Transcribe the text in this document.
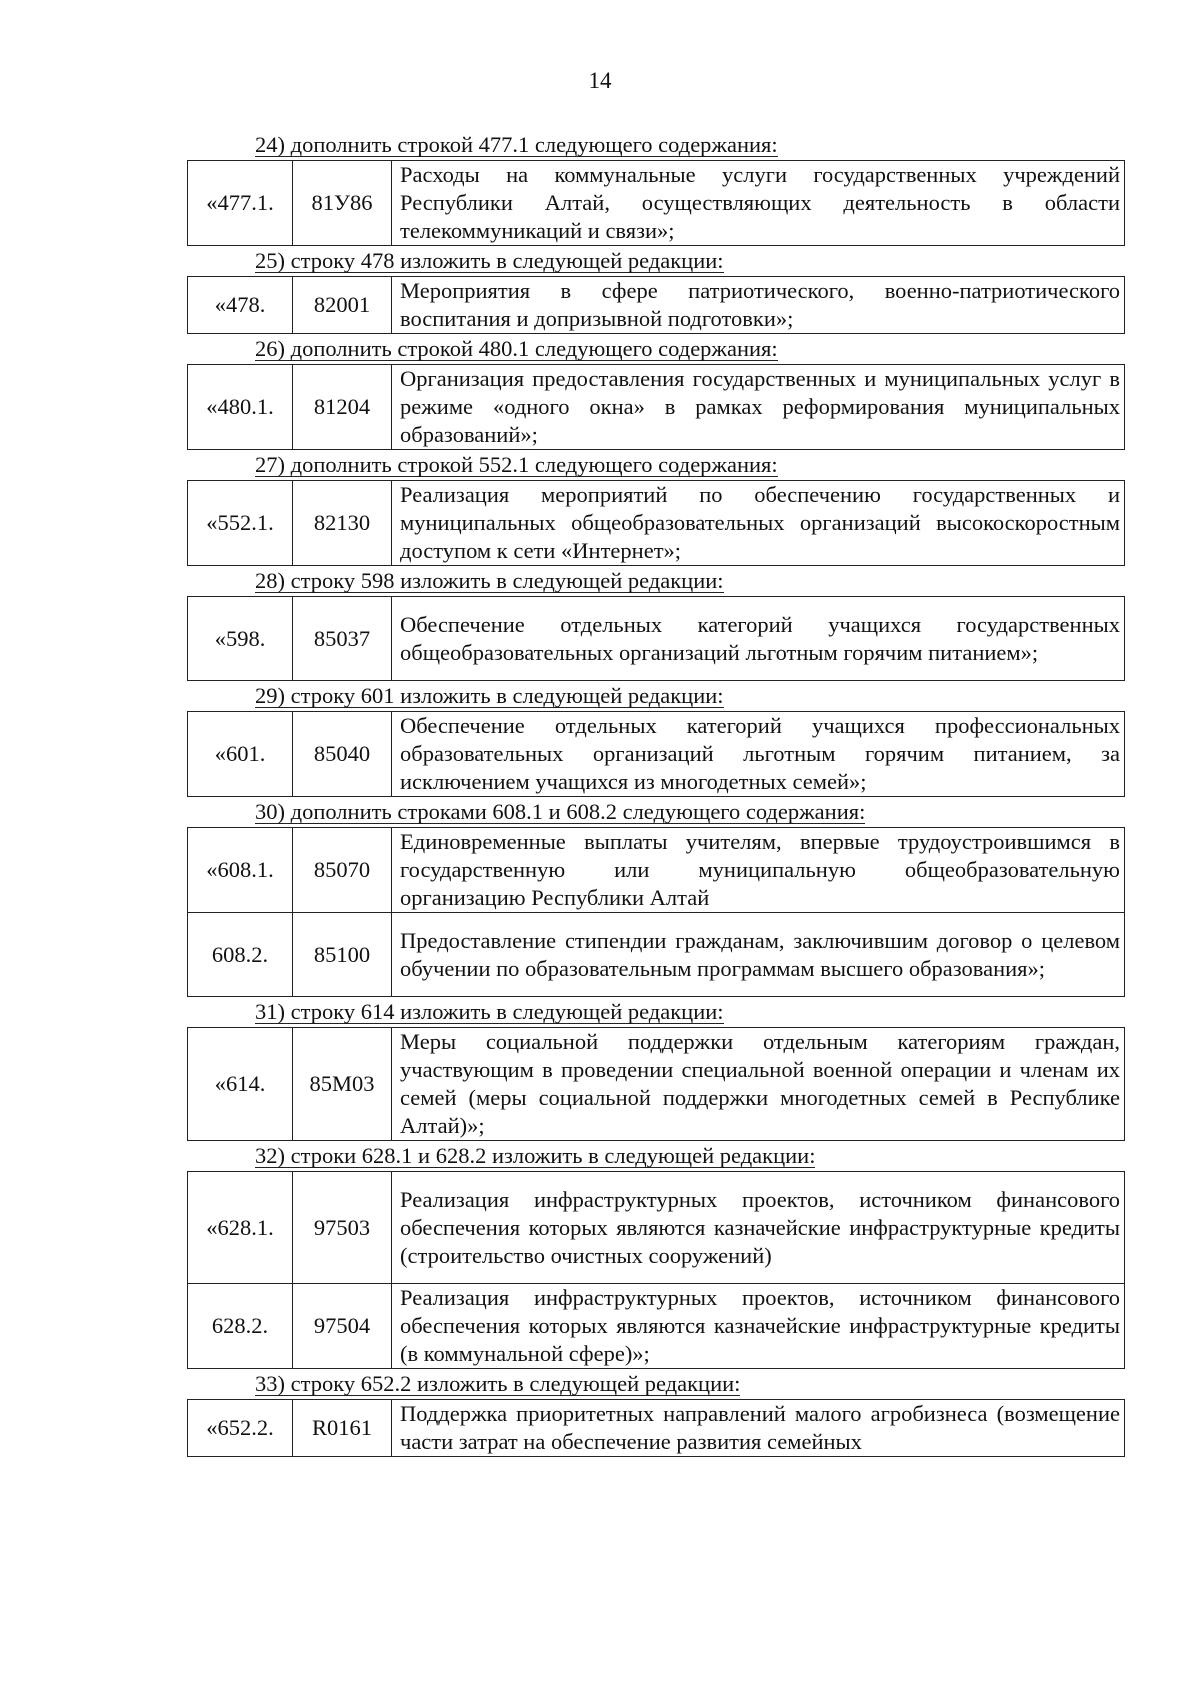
14
24) дополнить строкой 477.1 следующего содержания:
«477.1.	81У86	Расходы на коммунальные услуги государственных учреждений Республики Алтай, осуществляющих деятельность в области телекоммуникаций и связи»;
25) строку 478 изложить в следующей редакции:
«478.	82001	Мероприятия в сфере патриотического, военно-патриотического воспитания и допризывной подготовки»;
26) дополнить строкой 480.1 следующего содержания:
«480.1.	81204	Организация предоставления государственных и муниципальных услуг в режиме «одного окна» в рамках реформирования муниципальных образований»;
27) дополнить строкой 552.1 следующего содержания:
«552.1.	82130	Реализация мероприятий по обеспечению государственных и муниципальных общеобразовательных организаций высокоскоростным доступом к сети «Интернет»;
28) строку 598 изложить в следующей редакции:
«598.	85037	Обеспечение отдельных категорий учащихся государственных общеобразовательных организаций льготным горячим питанием»;
29) строку 601 изложить в следующей редакции:
«601.	85040	Обеспечение отдельных категорий учащихся профессиональных образовательных организаций льготным горячим питанием, за исключением учащихся из многодетных семей»;
30) дополнить строками 608.1 и 608.2 следующего содержания:
«608.1.	85070	Единовременные выплаты учителям, впервые трудоустроившимся в государственную или муниципальную общеобразовательную организацию Республики Алтай
608.2.	85100	Предоставление стипендии гражданам, заключившим договор о целевом обучении по образовательным программам высшего образования»;
31) строку 614 изложить в следующей редакции:
«614.	85М03	Меры социальной поддержки отдельным категориям граждан, участвующим в проведении специальной военной операции и членам их семей (меры социальной поддержки многодетных семей в Республике Алтай)»;
32) строки 628.1 и 628.2 изложить в следующей редакции:
«628.1.	97503	Реализация инфраструктурных проектов, источником финансового обеспечения которых являются казначейские инфраструктурные кредиты (строительство очистных сооружений)
628.2.	97504	Реализация инфраструктурных проектов, источником финансового обеспечения которых являются казначейские инфраструктурные кредиты (в коммунальной сфере)»;
33) строку 652.2 изложить в следующей редакции:
«652.2.	R0161	Поддержка приоритетных направлений малого агробизнеса (возмещение части затрат на обеспечение развития семейных
